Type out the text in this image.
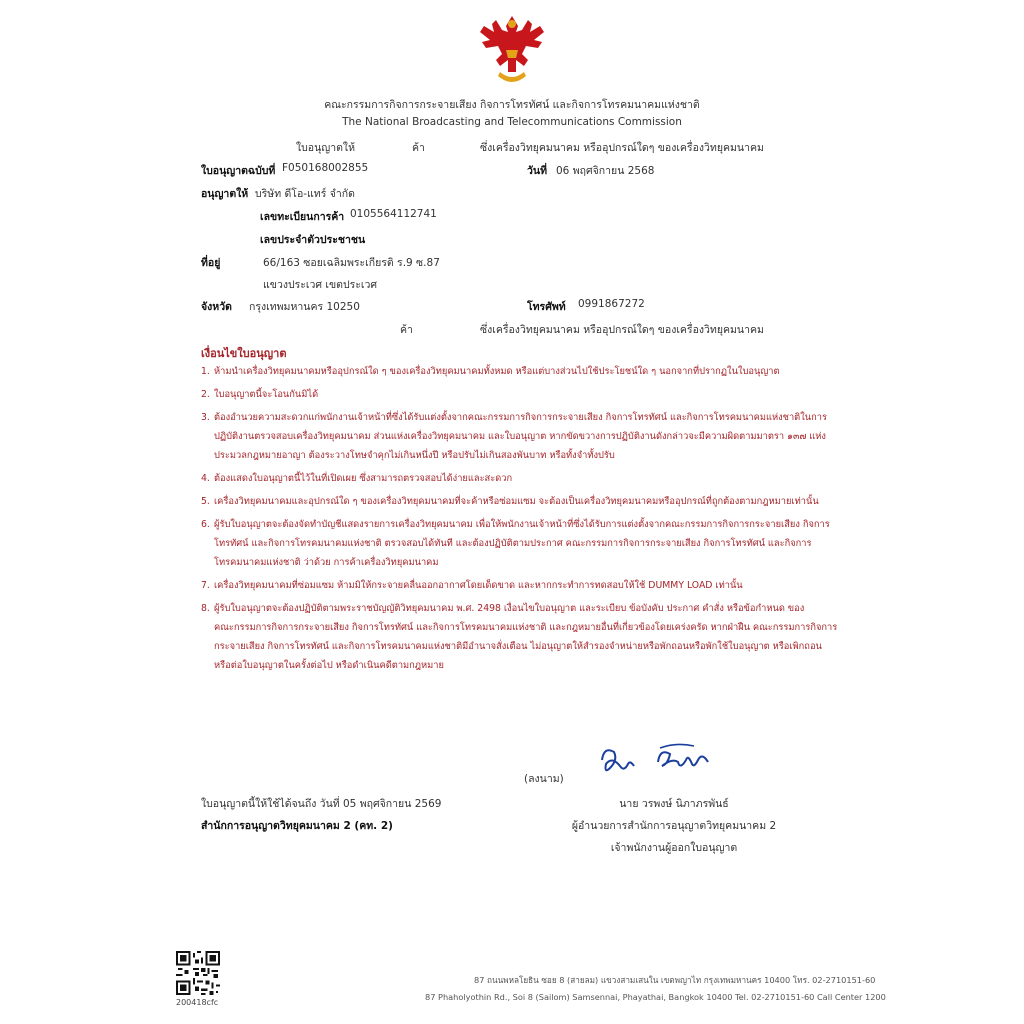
คณะกรรมการกิจการกระจายเสียง กิจการโทรทัศน์ และกิจการโทรคมนาคมแห่งชาติ
The National Broadcasting and Telecommunications Commission
ใบอนุญาตให้	ค้า	ซึ่งเครื่องวิทยุคมนาคม หรืออุปกรณ์ใดๆ ของเครื่องวิทยุคมนาคม
ใบอนุญาตฉบับที่ F050168002855	วันที่ 06 พฤศจิกายน 2568
อนุญาตให้ บริษัท ดีโอ-แทร์ จำกัด
เลขทะเบียนการค้า 0105564112741
เลขประจำตัวประชาชน
ที่อยู่	66/163 ซอยเฉลิมพระเกียรติ ร.9 ซ.87
แขวงประเวศ เขตประเวศ
จังหวัด กรุงเทพมหานคร 10250	โทรศัพท์ 0991867272
ค้า	ซึ่งเครื่องวิทยุคมนาคม หรืออุปกรณ์ใดๆ ของเครื่องวิทยุคมนาคม
เงื่อนไขใบอนุญาต
1. ห้ามนำเครื่องวิทยุคมนาคมหรืออุปกรณ์ใด ๆ ของเครื่องวิทยุคมนาคมทั้งหมด หรือแต่บางส่วนไปใช้ประโยชน์ใด ๆ นอกจากที่ปรากฏในใบอนุญาต
2. ใบอนุญาตนี้จะโอนกันมิได้
3. ต้องอำนวยความสะดวกแก่พนักงานเจ้าหน้าที่ซึ่งได้รับแต่งตั้งจากคณะกรรมการกิจการกระจายเสียง กิจการโทรทัศน์ และกิจการโทรคมนาคมแห่งชาติในการ
ปฏิบัติงานตรวจสอบเครื่องวิทยุคมนาคม ส่วนแห่งเครื่องวิทยุคมนาคม และใบอนุญาต หากขัดขวางการปฏิบัติงานดังกล่าวจะมีความผิดตามมาตรา ๑๓๗ แห่ง
ประมวลกฎหมายอาญา ต้องระวางโทษจำคุกไม่เกินหนึ่งปี หรือปรับไม่เกินสองพันบาท หรือทั้งจำทั้งปรับ
4. ต้องแสดงใบอนุญาตนี้ไว้ในที่เปิดเผย ซึ่งสามารถตรวจสอบได้ง่ายและสะดวก
5. เครื่องวิทยุคมนาคมและอุปกรณ์ใด ๆ ของเครื่องวิทยุคมนาคมที่จะค้าหรือซ่อมแซม จะต้องเป็นเครื่องวิทยุคมนาคมหรืออุปกรณ์ที่ถูกต้องตามกฎหมายเท่านั้น
6. ผู้รับใบอนุญาตจะต้องจัดทำบัญชีแสดงรายการเครื่องวิทยุคมนาคม เพื่อให้พนักงานเจ้าหน้าที่ซึ่งได้รับการแต่งตั้งจากคณะกรรมการกิจการกระจายเสียง กิจการ
โทรทัศน์ และกิจการโทรคมนาคมแห่งชาติ ตรวจสอบได้ทันที และต้องปฏิบัติตามประกาศ คณะกรรมการกิจการกระจายเสียง กิจการโทรทัศน์ และกิจการ
โทรคมนาคมแห่งชาติ ว่าด้วย การค้าเครื่องวิทยุคมนาคม
7. เครื่องวิทยุคมนาคมที่ซ่อมแซม ห้ามมิให้กระจายคลื่นออกอากาศโดยเด็ดขาด และหากกระทำการทดสอบให้ใช้ DUMMY LOAD เท่านั้น
8. ผู้รับใบอนุญาตจะต้องปฏิบัติตามพระราชบัญญัติวิทยุคมนาคม พ.ศ. 2498 เงื่อนไขใบอนุญาต และระเบียบ ข้อบังคับ ประกาศ คำสั่ง หรือข้อกำหนด ของ
คณะกรรมการกิจการกระจายเสียง กิจการโทรทัศน์ และกิจการโทรคมนาคมแห่งชาติ และกฎหมายอื่นที่เกี่ยวข้องโดยเคร่งครัด หากฝ่าฝืน คณะกรรมการกิจการ
กระจายเสียง กิจการโทรทัศน์ และกิจการโทรคมนาคมแห่งชาติมีอำนาจสั่งเตือน ไม่อนุญาตให้สำรองจำหน่ายหรือพักถอนหรือพักใช้ใบอนุญาต หรือเพิกถอน
หรือต่อใบอนุญาตในครั้งต่อไป หรือดำเนินคดีตามกฎหมาย
(ลงนาม)
ใบอนุญาตนี้ให้ใช้ได้จนถึง วันที่ 05 พฤศจิกายน 2569
สำนักการอนุญาตวิทยุคมนาคม 2 (คท. 2)
นาย วรพงษ์ นิภาภรพันธ์
ผู้อำนวยการสำนักการอนุญาตวิทยุคมนาคม 2
เจ้าพนักงานผู้ออกใบอนุญาต
200418cfc
87 ถนนพหลโยธิน ซอย 8 (สายลม) แขวงสามเสนใน เขตพญาไท กรุงเทพมหานคร 10400 โทร. 02-2710151-60
87 Phaholyothin Rd., Soi 8 (Sailom) Samsennai, Phayathai, Bangkok 10400 Tel. 02-2710151-60 Call Center 1200
